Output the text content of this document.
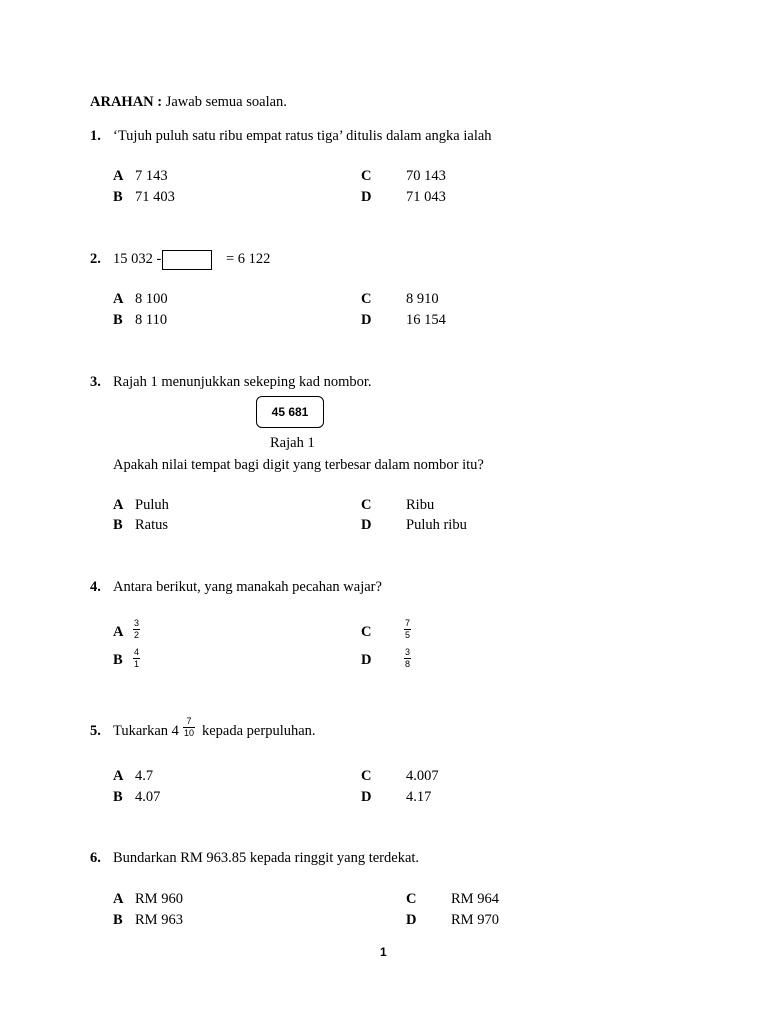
ARAHAN : Jawab semua soalan.
1. ‘Tujuh puluh satu ribu empat ratus tiga’ ditulis dalam angka ialah
A 7 143
B 71 403
C 70 143
D 71 043
2. 15 032 -	= 6 122
A 8 100
B 8 110
C 8 910
D 16 154
3. Rajah 1 menunjukkan sekeping kad nombor.
45 681
Rajah 1
Apakah nilai tempat bagi digit yang terbesar dalam nombor itu?
A Puluh
B Ratus
C Ribu
D Puluh ribu
4. Antara berikut, yang manakah pecahan wajar?
A
3
2
B 4
1
C
7
5
D	3
8
5. Tukarkan 4
7
10 kepada perpuluhan.
A 4.7
B 4.07
C 4.007
D 4.17
6. Bundarkan RM 963.85 kepada ringgit yang terdekat.
A RM 960
B RM 963
C RM 964
D RM 970
1
